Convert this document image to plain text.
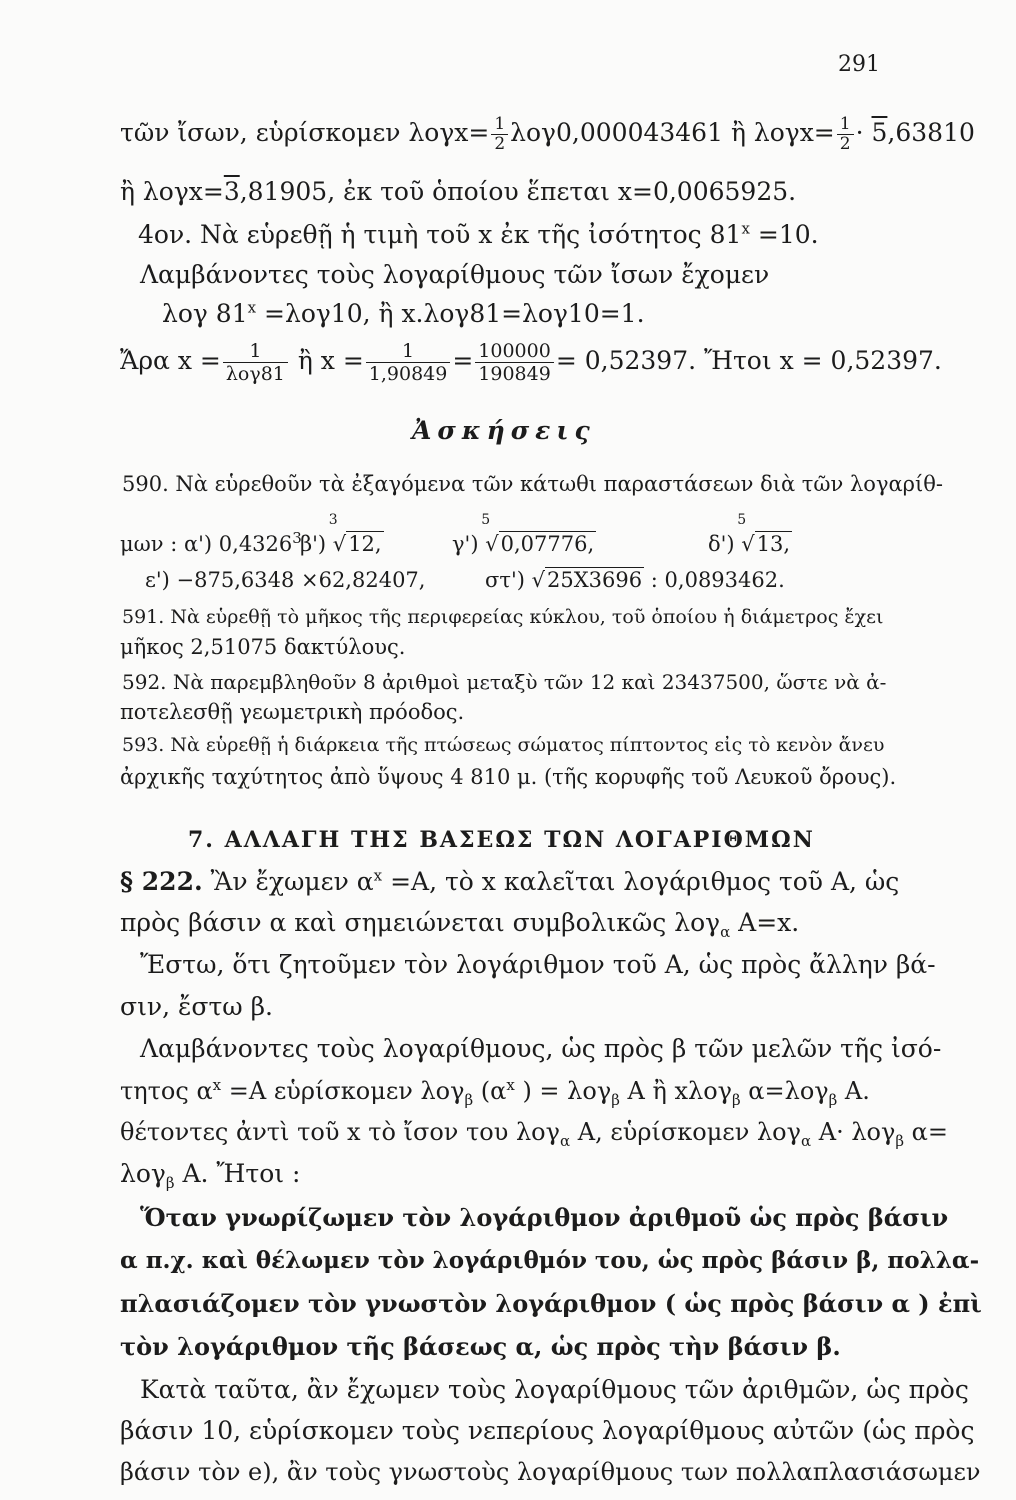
291
τῶν ἴσων, εὑρίσκομεν $\lambda o\gamma x= \frac{1}{2} \lambda o\gamma 0,000043461$ ἢ $\lambda o\gamma x= \frac{1}{2} \cdot 5,63810$
ἢ λογx=3,81905, ἐκ τοῦ ὁποίου ἕπεται x=0,0065925.
4ον. Νὰ εὑρεθῇ ἡ τιμὴ τοῦ x ἐκ τῆς ἰσότητος $81^x =10$.
Λαμβάνοντες τοὺς λογαρίθμους τῶν ἴσων ἔχομεν
λογ $81^x =\lambda o\gamma 10$, ἢ x.λογ81=λογ10=1.
Ἄρα $x = \frac{1}{\text{λογ81}}$ ἢ $x = \frac{1}{1,90849} = \frac{100000}{190849} = 0,52397$. Ἤτοι x = 0,52397.
Ἀσκήσεις
590. Νὰ εὑρεθοῦν τὰ ἐξαγόμενα τῶν κάτωθι παραστάσεων διὰ τῶν λογαρίθ-
μων : α') 0,4326$^3$
β') √
3
12,	γ') √
5
0,07776,	δ') √
5
13,
ε') −875,6348 ×62,82407,	στ') √25X3696 : 0,0893462.
591. Νὰ εὑρεθῇ τὸ μῆκος τῆς περιφερείας κύκλου, τοῦ ὁποίου ἡ διάμετρος ἔχει
μῆκος 2,51075 δακτύλους.
592. Νὰ παρεμβληθοῦν 8 ἀριθμοὶ μεταξὺ τῶν 12 καὶ 23437500, ὥστε νὰ ἀ-
ποτελεσθῇ γεωμετρικὴ πρόοδος.
593. Νὰ εὑρεθῇ ἡ διάρκεια τῆς πτώσεως σώματος πίπτοντος εἰς τὸ κενὸν ἄνευ
ἀρχικῆς ταχύτητος ἀπὸ ὕψους 4 810 μ. (τῆς κορυφῆς τοῦ Λευκοῦ ὄρους).
7. ΑΛΛΑΓΗ ΤΗΣ ΒΑΣΕΩΣ ΤΩΝ ΛΟΓΑΡΙΘΜΩΝ
§ 222. Ἂν ἔχωμεν $\alpha^x =A$, τὸ x καλεῖται λογάριθμος τοῦ Α, ὡς
πρὸς βάσιν α καὶ σημειώνεται συμβολικῶς λογ$_\alpha$ Α=x.
Ἔστω, ὅτι ζητοῦμεν τὸν λογάριθμον τοῦ Α, ὡς πρὸς ἄλλην βά-
σιν, ἔστω β.
Λαμβάνοντες τοὺς λογαρίθμους, ὡς πρὸς β τῶν μελῶν τῆς ἰσό-
τητος $\alpha^x =A$ εὑρίσκομεν λογ$_\beta$ ($\alpha^x$ ) = λογ$_\beta$ Α ἢ xλογ$_\beta$ α=λογ$_\beta$ Α.
θέτοντες ἀντὶ τοῦ x τὸ ἴσον του λογ$_\alpha$ Α, εὑρίσκομεν λογ$_\alpha$ Α· λογ$_\beta$ α=
λογ$_\beta$ Α. Ἤτοι :
Ὅταν γνωρίζωμεν τὸν λογάριθμον ἀριθμοῦ ὡς πρὸς βάσιν
α π.χ. καὶ θέλωμεν τὸν λογάριθμόν του, ὡς πρὸς βάσιν β, πολλα-
πλασιάζομεν τὸν γνωστὸν λογάριθμον ( ὡς πρὸς βάσιν α ) ἐπὶ
τὸν λογάριθμον τῆς βάσεως α, ὡς πρὸς τὴν βάσιν β.
Κατὰ ταῦτα, ἂν ἔχωμεν τοὺς λογαρίθμους τῶν ἀριθμῶν, ὡς πρὸς
βάσιν 10, εὑρίσκομεν τοὺς νεπερίους λογαρίθμους αὐτῶν (ὡς πρὸς
βάσιν τὸν e), ἂν τοὺς γνωστοὺς λογαρίθμους των πολλαπλασιάσωμεν
